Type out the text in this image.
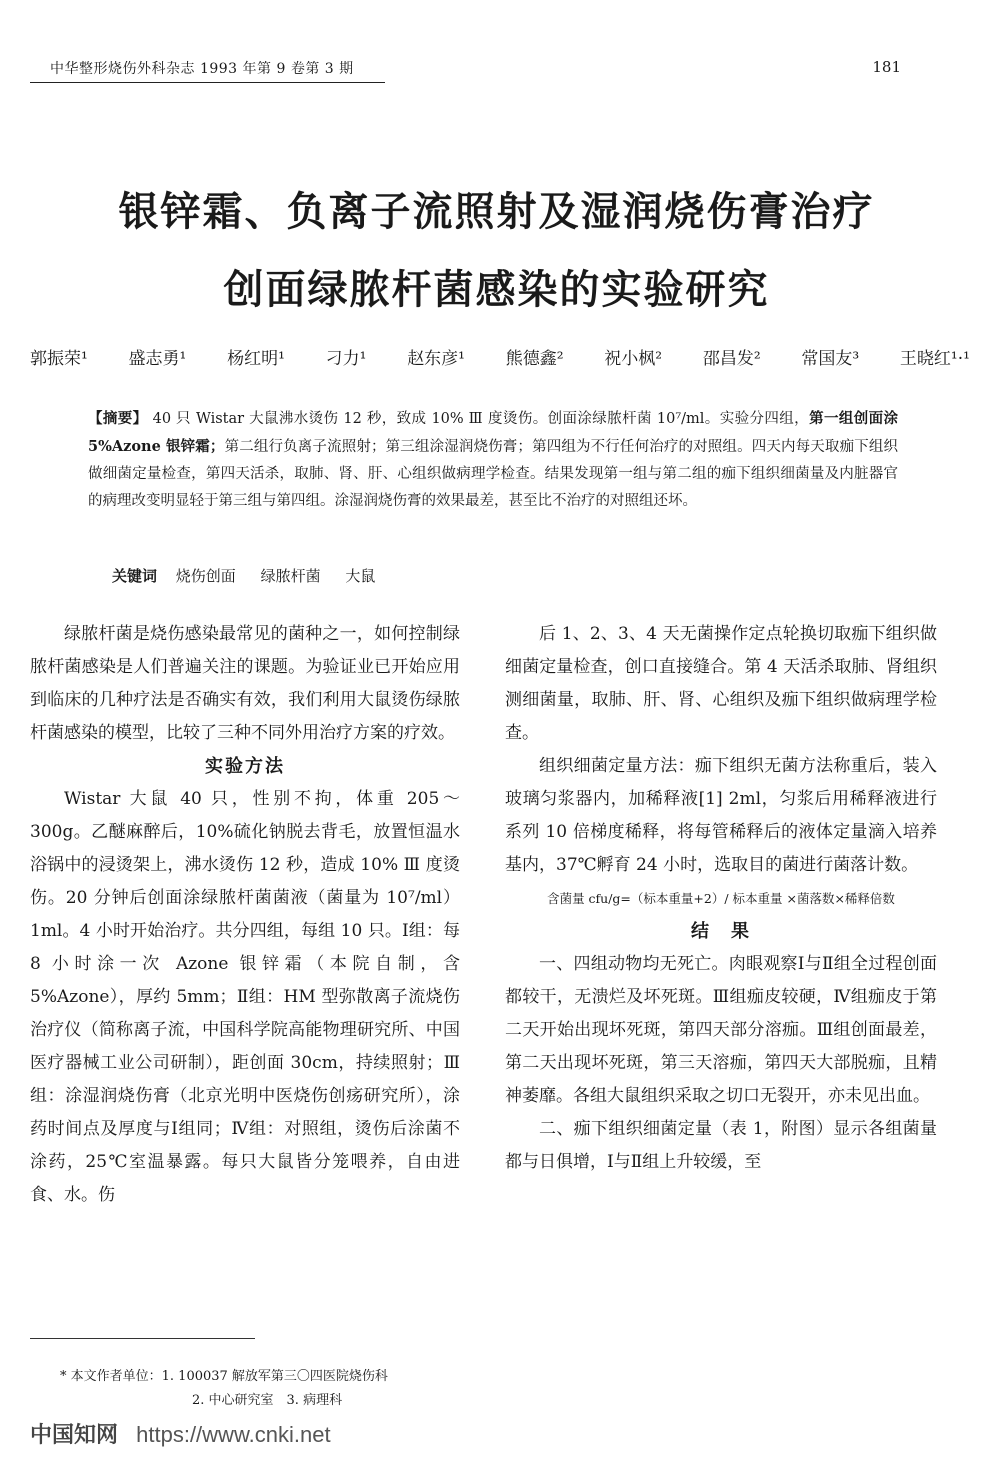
中华整形烧伤外科杂志 1993 年第 9 卷第 3 期	181
银锌霜、负离子流照射及湿润烧伤膏治疗
创面绿脓杆菌感染的实验研究
郭振荣¹ 盛志勇¹ 杨红明¹ 刁力¹ 赵东彦¹ 熊德鑫² 祝小枫² 邵昌发² 常国友³ 王晓红¹·¹
【摘要】 40 只 Wistar 大鼠沸水烫伤 12 秒，致成 10% Ⅲ 度烫伤。创面涂绿脓杆菌 10⁷/ml。实验分四组，第一组创面涂 5%Azone 银锌霜；第二组行负离子流照射；第三组涂湿润烧伤膏；第四组为不行任何治疗的对照组。四天内每天取痂下组织做细菌定量检查，第四天活杀，取肺、肾、肝、心组织做病理学检查。结果发现第一组与第二组的痂下组织细菌量及内脏器官的病理改变明显轻于第三组与第四组。涂湿润烧伤膏的效果最差，甚至比不治疗的对照组还坏。
关键词 烧伤创面 绿脓杆菌 大鼠

绿脓杆菌是烧伤感染最常见的菌种之一，如何控制绿脓杆菌感染是人们普遍关注的课题。为验证业已开始应用到临床的几种疗法是否确实有效，我们利用大鼠烫伤绿脓杆菌感染的模型，比较了三种不同外用治疗方案的疗效。

实验方法

Wistar 大鼠 40 只，性别不拘，体重 205～300g。乙醚麻醉后，10%硫化钠脱去背毛，放置恒温水浴锅中的浸烫架上，沸水烫伤 12 秒，造成 10% Ⅲ 度烫伤。20 分钟后创面涂绿脓杆菌菌液（菌量为 10⁷/ml）1ml。4 小时开始治疗。共分四组，每组 10 只。Ⅰ组：每 8 小时涂一次 Azone 银锌霜（本院自制，含 5%Azone），厚约 5mm；Ⅱ组：HM 型弥散离子流烧伤治疗仪（简称离子流，中国科学院高能物理研究所、中国医疗器械工业公司研制），距创面 30cm，持续照射；Ⅲ组：涂湿润烧伤膏（北京光明中医烧伤创疡研究所），涂药时间点及厚度与Ⅰ组同；Ⅳ组：对照组，烫伤后涂菌不涂药，25℃室温暴露。每只大鼠皆分笼喂养，自由进食、水。伤

后 1、2、3、4 天无菌操作定点轮换切取痂下组织做细菌定量检查，创口直接缝合。第 4 天活杀取肺、肾组织测细菌量，取肺、肝、肾、心组织及痂下组织做病理学检查。

组织细菌定量方法：痂下组织无菌方法称重后，装入玻璃匀浆器内，加稀释液[1] 2ml，匀浆后用稀释液进行系列 10 倍梯度稀释，将每管稀释后的液体定量滴入培养基内，37℃孵育 24 小时，选取目的菌进行菌落计数。

含菌量 cfu/g=（标本重量+2）/ 标本重量 ×菌落数×稀释倍数

结　果

一、四组动物均无死亡。肉眼观察Ⅰ与Ⅱ组全过程创面都较干，无溃烂及坏死斑。Ⅲ组痂皮较硬，Ⅳ组痂皮于第二天开始出现坏死斑，第四天部分溶痂。Ⅲ组创面最差，第二天出现坏死斑，第三天溶痂，第四天大部脱痂，且精神萎靡。各组大鼠组织采取之切口无裂开，亦未见出血。

二、痂下组织细菌定量（表 1，附图）显示各组菌量都与日俱增，Ⅰ与Ⅱ组上升较缓，至

* 本文作者单位：1. 100037 解放军第三〇四医院烧伤科
2. 中心研究室　3. 病理科
中国知网 https://www.cnki.net
